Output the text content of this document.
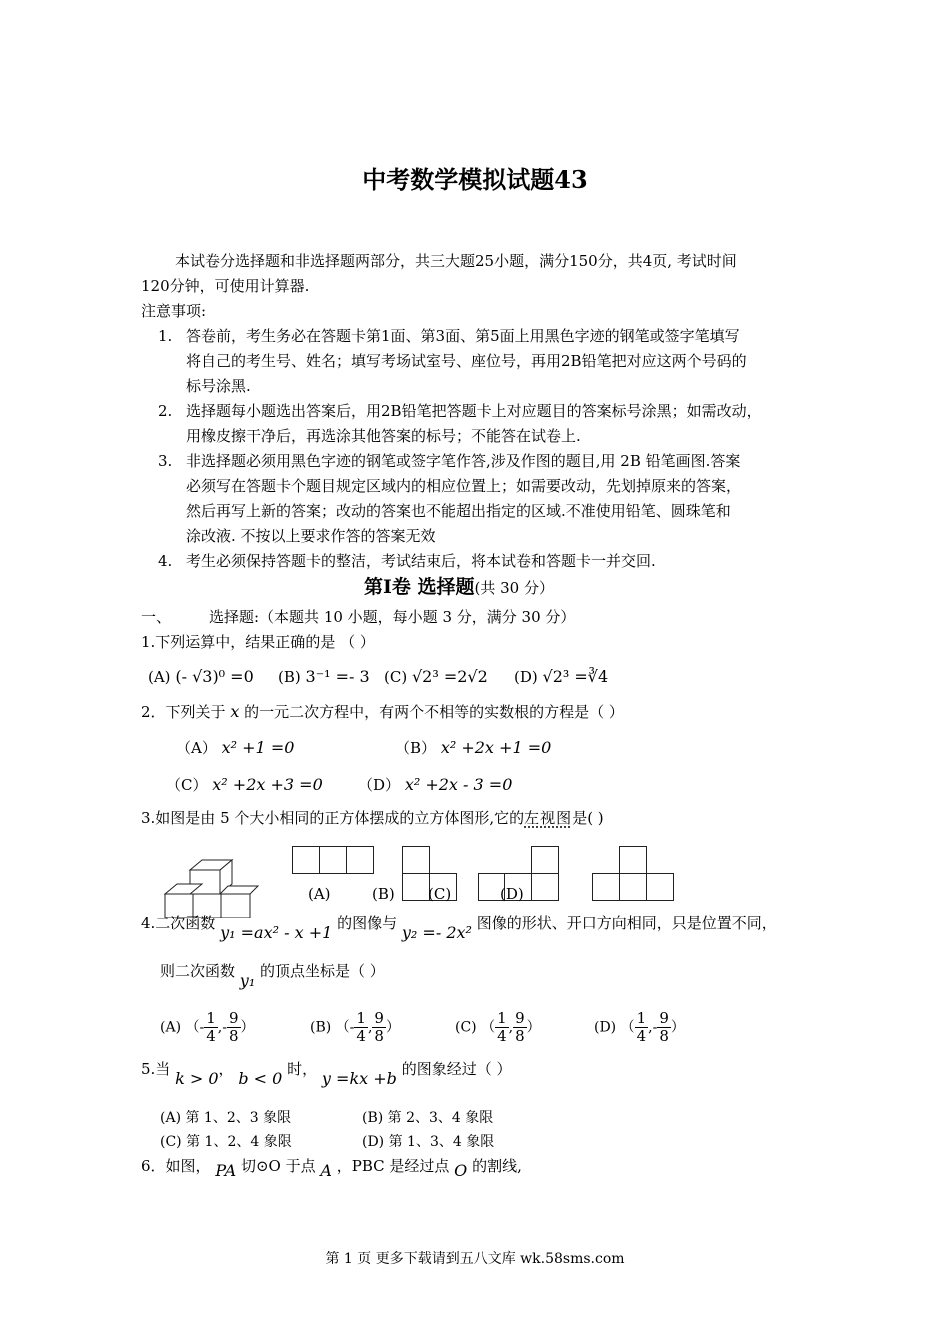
中考数学模拟试题43
本试卷分选择题和非选择题两部分，共三大题25小题，满分150分，共4页, 考试时间
120分钟，可使用计算器.
注意事项:
1. 答卷前，考生务必在答题卡第1面、第3面、第5面上用黑色字迹的钢笔或签字笔填写
将自己的考生号、姓名；填写考场试室号、座位号，再用2B铅笔把对应这两个号码的
标号涂黑.
2. 选择题每小题选出答案后，用2B铅笔把答题卡上对应题目的答案标号涂黑；如需改动，
用橡皮擦干净后，再选涂其他答案的标号；不能答在试卷上.
3. 非选择题必须用黑色字迹的钢笔或签字笔作答,涉及作图的题目,用 2B 铅笔画图.答案
必须写在答题卡个题目规定区域内的相应位置上；如需要改动，先划掉原来的答案，
然后再写上新的答案；改动的答案也不能超出指定的区域.不准使用铅笔、圆珠笔和
涂改液. 不按以上要求作答的答案无效
4. 考生必须保持答题卡的整洁，考试结束后，将本试卷和答题卡一并交回.
第Ⅰ卷 选择题(共 30 分）
一、	选择题:（本题共 10 小题，每小题 3 分，满分 30 分）
1.下列运算中，结果正确的是 （ ）
(A) (- √3)⁰ =0 (B) 3⁻¹ =- 3 (C) √2³ =2√2 (D) √2³ =∛4
2．下列关于 x 的一元二次方程中，有两个不相等的实数根的方程是（ ）
（A） x² +1 =0	（B） x² +2x +1 =0
（C） x² +2x +3 =0 （D） x² +2x - 3 =0
3.如图是由 5 个大小相同的正方体摆成的立方体图形,它的左视图是( )
(A)	(B) (C)	(D)
4.二次函数 y₁ =ax² - x +1 的图像与 y₂ =- 2x² 图像的形状、开口方向相同，只是位置不同，
则二次函数 y₁ 的顶点坐标是（ ）
(A) （- $\frac{1}{4}$ ,- $\frac{9}{8}$ ）	(B) （- $\frac{1}{4}$ , $\frac{9}{8}$ ）	(C) （ $\frac{1}{4}$ , $\frac{9}{8}$ ）	(D) （ $\frac{1}{4}$ ,- $\frac{9}{8}$ ）
5.当 k > 0， b < 0 时， y =kx +b 的图象经过（ ）
(A) 第 1、2、3 象限	(B) 第 2、3、4 象限
(C) 第 1、2、4 象限	(D) 第 1、3、4 象限
6．如图， PA 切⊙O 于点 A ，PBC 是经过点 O 的割线,
第 1 页 更多下载请到五八文库 wk.58sms.com
